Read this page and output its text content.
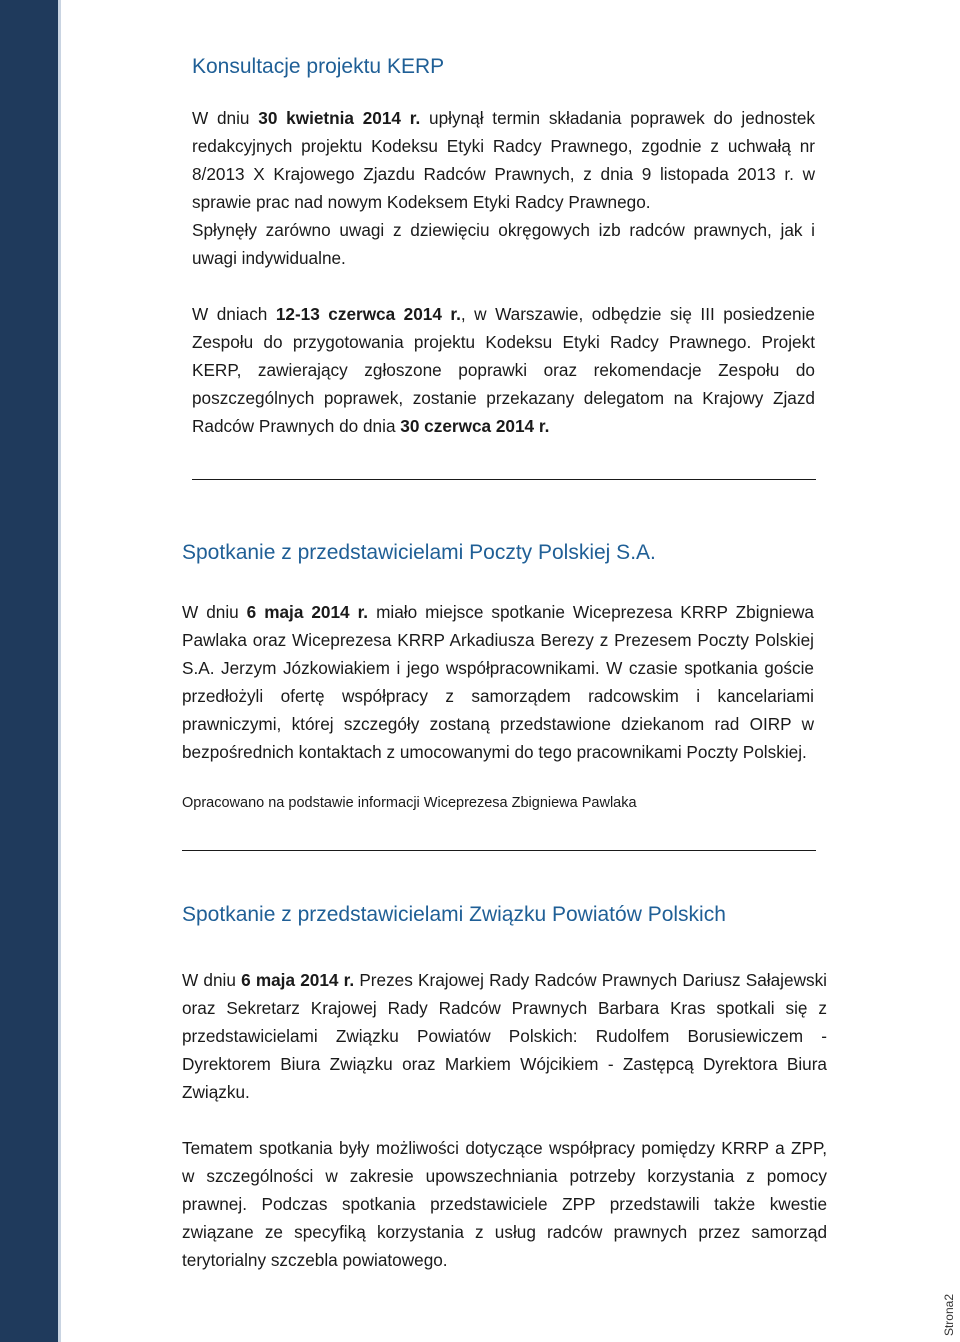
Konsultacje projektu KERP

W dniu 30 kwietnia 2014 r. upłynął termin składania poprawek do jednostek redakcyjnych projektu Kodeksu Etyki Radcy Prawnego, zgodnie z uchwałą nr 8/2013 X Krajowego Zjazdu Radców Prawnych, z dnia 9 listopada 2013 r. w sprawie prac nad nowym Kodeksem Etyki Radcy Prawnego.

Spłynęły zarówno uwagi z dziewięciu okręgowych izb radców prawnych, jak i uwagi indywidualne.

W dniach 12-13 czerwca 2014 r., w Warszawie, odbędzie się III posiedzenie Zespołu do przygotowania projektu Kodeksu Etyki Radcy Prawnego. Projekt KERP, zawierający zgłoszone poprawki oraz rekomendacje Zespołu do poszczególnych poprawek, zostanie przekazany delegatom na Krajowy Zjazd Radców Prawnych do dnia 30 czerwca 2014 r.

Spotkanie z przedstawicielami Poczty Polskiej S.A.

W dniu 6 maja 2014 r. miało miejsce spotkanie Wiceprezesa KRRP Zbigniewa Pawlaka oraz Wiceprezesa KRRP Arkadiusza Berezy z Prezesem Poczty Polskiej S.A. Jerzym Józkowiakiem i jego współpracownikami. W czasie spotkania goście przedłożyli ofertę współpracy z samorządem radcowskim i kancelariami prawniczymi, której szczegóły zostaną przedstawione dziekanom rad OIRP w bezpośrednich kontaktach z umocowanymi do tego pracownikami Poczty Polskiej.

Opracowano na podstawie informacji Wiceprezesa Zbigniewa Pawlaka

Spotkanie z przedstawicielami Związku Powiatów Polskich

W dniu 6 maja 2014 r. Prezes Krajowej Rady Radców Prawnych Dariusz Sałajewski oraz Sekretarz Krajowej Rady Radców Prawnych Barbara Kras spotkali się z przedstawicielami Związku Powiatów Polskich: Rudolfem Borusiewiczem - Dyrektorem Biura Związku oraz Markiem Wójcikiem - Zastępcą Dyrektora Biura Związku.

Tematem spotkania były możliwości dotyczące współpracy pomiędzy KRRP a ZPP, w szczególności w zakresie upowszechniania potrzeby korzystania z pomocy prawnej. Podczas spotkania przedstawiciele ZPP przedstawili także kwestie związane ze specyfiką korzystania z usług radców prawnych przez samorząd terytorialny szczebla powiatowego.

Strona2
